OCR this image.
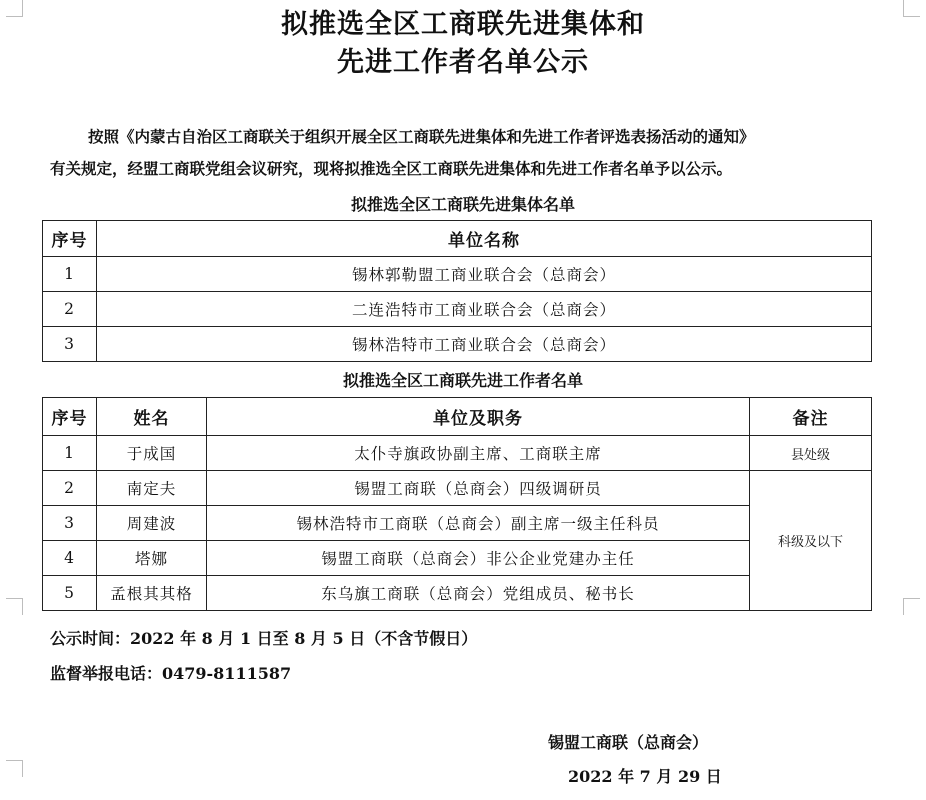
拟推选全区工商联先进集体和
先进工作者名单公示
按照《内蒙古自治区工商联关于组织开展全区工商联先进集体和先进工作者评选表扬活动的通知》
有关规定，经盟工商联党组会议研究，现将拟推选全区工商联先进集体和先进工作者名单予以公示。
拟推选全区工商联先进集体名单
序号	单位名称
1	锡林郭勒盟工商业联合会（总商会）
2	二连浩特市工商业联合会（总商会）
3	锡林浩特市工商业联合会（总商会）
拟推选全区工商联先进工作者名单
序号	姓名	单位及职务	备注
1	于成国	太仆寺旗政协副主席、工商联主席	县处级
2	南定夫	锡盟工商联（总商会）四级调研员	科级及以下
3	周建波	锡林浩特市工商联（总商会）副主席一级主任科员	
4	塔娜	锡盟工商联（总商会）非公企业党建办主任	
5	孟根其其格	东乌旗工商联（总商会）党组成员、秘书长	
公示时间：2022 年 8 月 1 日至 8 月 5 日（不含节假日）
监督举报电话：0479-8111587
锡盟工商联（总商会）
2022 年 7 月 29 日
